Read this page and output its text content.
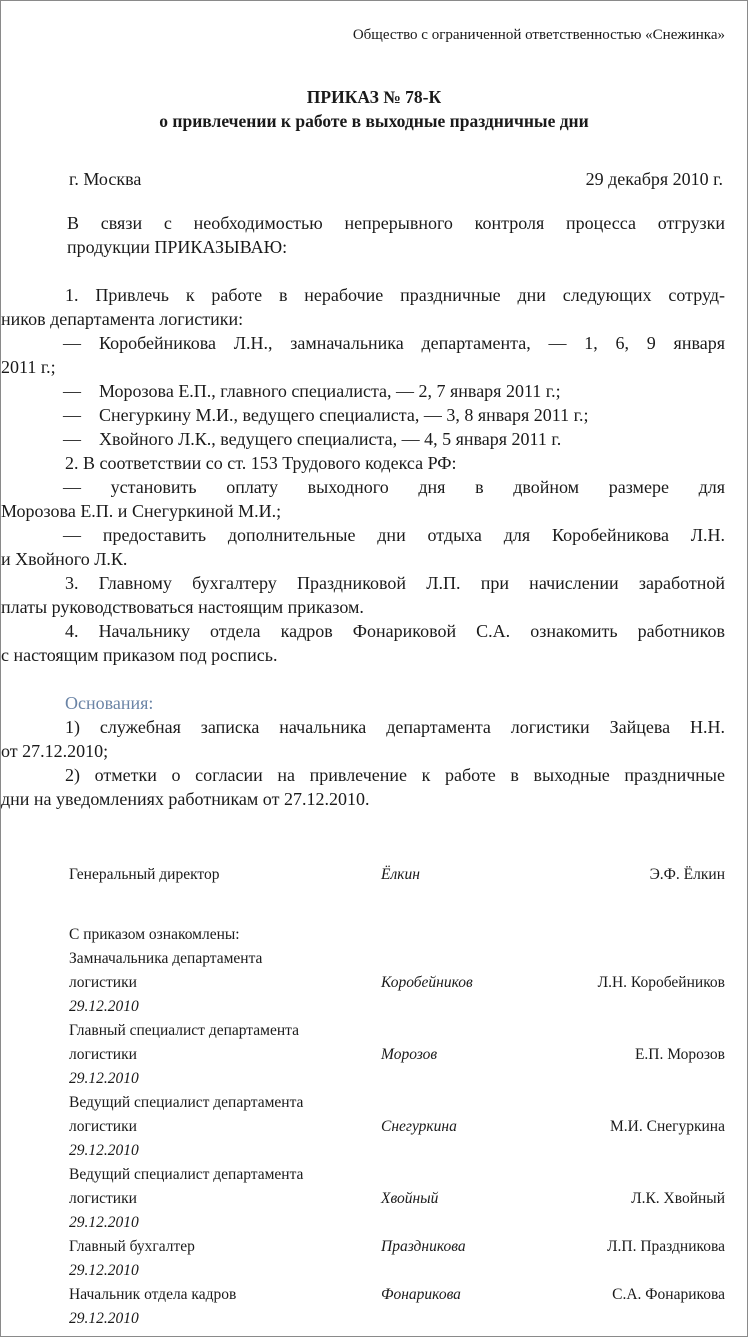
Общество с ограниченной ответственностью «Снежинка»
ПРИКАЗ № 78-К
о привлечении к работе в выходные праздничные дни
г. Москва	29 декабря 2010 г.
В связи с необходимостью непрерывного контроля процесса отгрузки
продукции ПРИКАЗЫВАЮ:
1. Привлечь к работе в нерабочие праздничные дни следующих сотруд-
ников департамента логистики:
— Коробейникова Л.Н., замначальника департамента, — 1, 6, 9 января
2011 г.;
— Морозова Е.П., главного специалиста, — 2, 7 января 2011 г.;
— Снегуркину М.И., ведущего специалиста, — 3, 8 января 2011 г.;
— Хвойного Л.К., ведущего специалиста, — 4, 5 января 2011 г.
2. В соответствии со ст. 153 Трудового кодекса РФ:
— установить оплату выходного дня в двойном размере для
Морозова Е.П. и Снегуркиной М.И.;
— предоставить дополнительные дни отдыха для Коробейникова Л.Н.
и Хвойного Л.К.
3. Главному бухгалтеру Праздниковой Л.П. при начислении заработной
платы руководствоваться настоящим приказом.
4. Начальнику отдела кадров Фонариковой С.А. ознакомить работников
с настоящим приказом под роспись.
Основания:
1) служебная записка начальника департамента логистики Зайцева Н.Н.
от 27.12.2010;
2) отметки о согласии на привлечение к работе в выходные праздничные
дни на уведомлениях работникам от 27.12.2010.
Генеральный директор	Ёлкин	Э.Ф. Ёлкин
С приказом ознакомлены:
Замначальника департамента
логистики	Коробейников	Л.Н. Коробейников
29.12.2010
Главный специалист департамента
логистики	Морозов	Е.П. Морозов
29.12.2010
Ведущий специалист департамента
логистики	Снегуркина	М.И. Снегуркина
29.12.2010
Ведущий специалист департамента
логистики	Хвойный	Л.К. Хвойный
29.12.2010
Главный бухгалтер	Праздникова	Л.П. Праздникова
29.12.2010
Начальник отдела кадров	Фонарикова	С.А. Фонарикова
29.12.2010
